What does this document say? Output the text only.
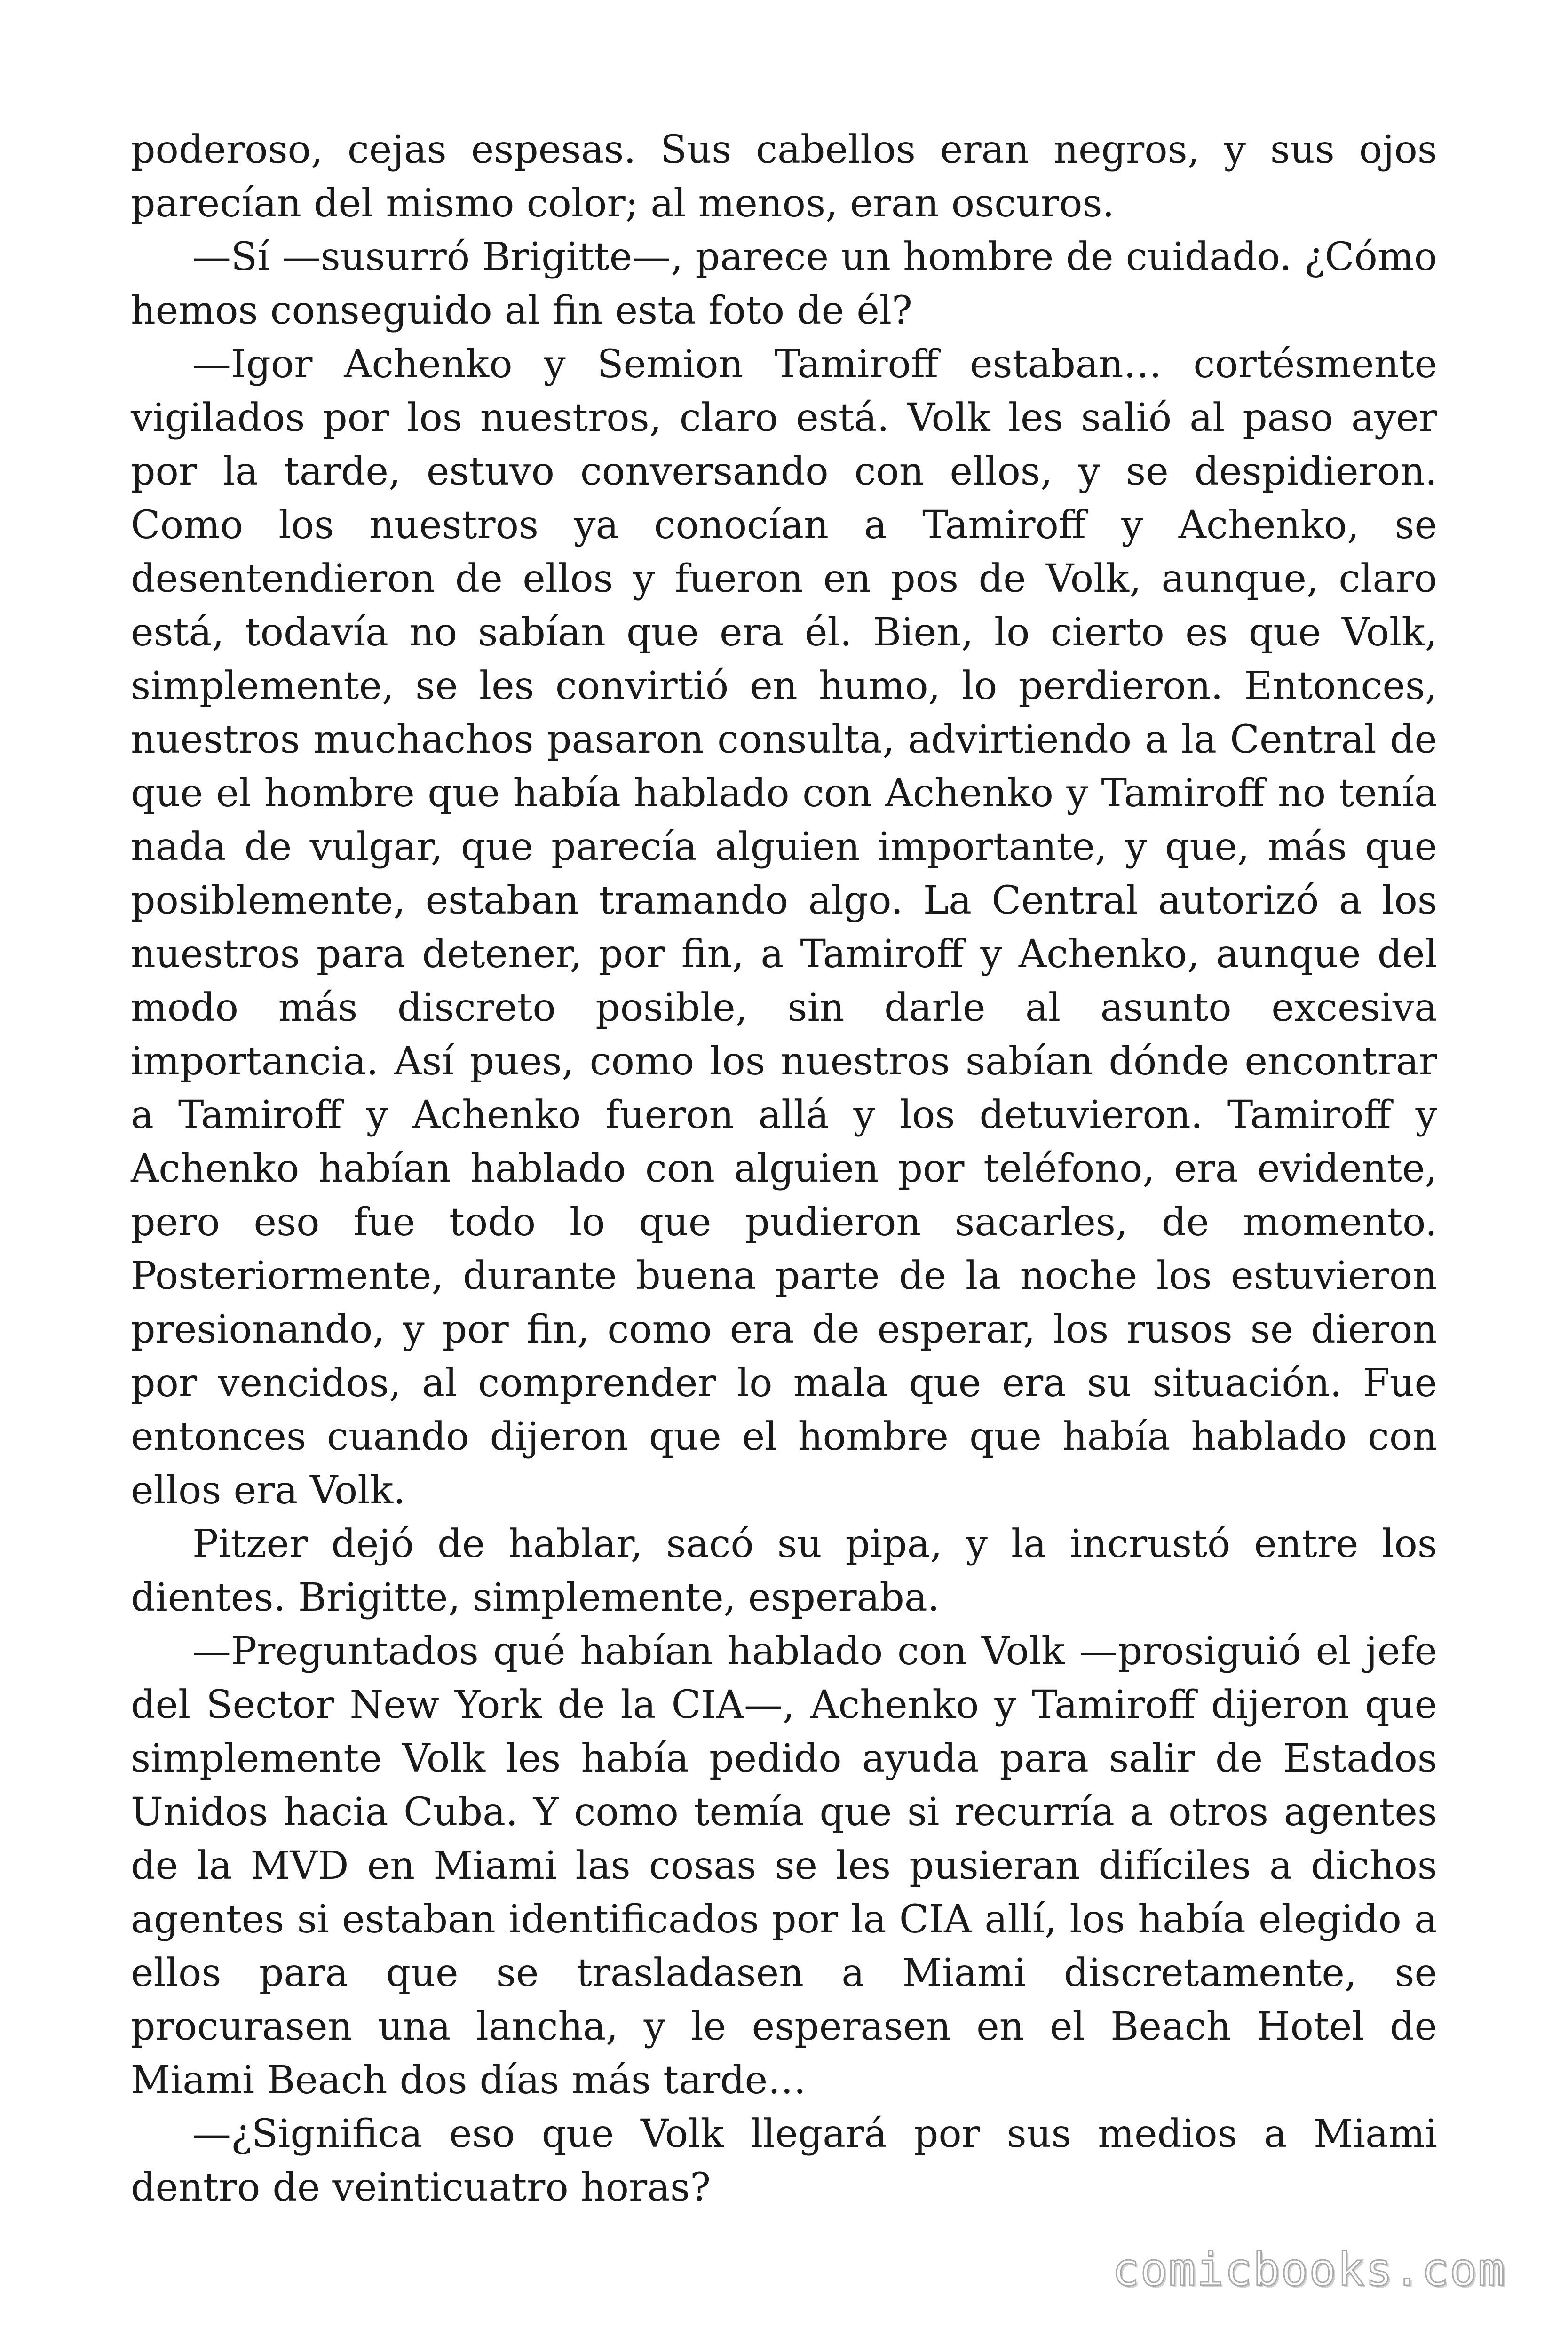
poderoso, cejas espesas. Sus cabellos eran negros, y sus ojos parecían del mismo color; al menos, eran oscuros.

—Sí —susurró Brigitte—, parece un hombre de cuidado. ¿Cómo hemos conseguido al fin esta foto de él?

—Igor Achenko y Semion Tamiroff estaban… cortésmente vigilados por los nuestros, claro está. Volk les salió al paso ayer por la tarde, estuvo conversando con ellos, y se despidieron. Como los nuestros ya conocían a Tamiroff y Achenko, se desentendieron de ellos y fueron en pos de Volk, aunque, claro está, todavía no sabían que era él. Bien, lo cierto es que Volk, simplemente, se les convirtió en humo, lo perdieron. Entonces, nuestros muchachos pasaron consulta, advirtiendo a la Central de que el hombre que había hablado con Achenko y Tamiroff no tenía nada de vulgar, que parecía alguien importante, y que, más que posiblemente, estaban tramando algo. La Central autorizó a los nuestros para detener, por fin, a Tamiroff y Achenko, aunque del modo más discreto posible, sin darle al asunto excesiva importancia. Así pues, como los nuestros sabían dónde encontrar a Tamiroff y Achenko fueron allá y los detuvieron. Tamiroff y Achenko habían hablado con alguien por teléfono, era evidente, pero eso fue todo lo que pudieron sacarles, de momento. Posteriormente, durante buena parte de la noche los estuvieron presionando, y por fin, como era de esperar, los rusos se dieron por vencidos, al comprender lo mala que era su situación. Fue entonces cuando dijeron que el hombre que había hablado con ellos era Volk.

Pitzer dejó de hablar, sacó su pipa, y la incrustó entre los dientes. Brigitte, simplemente, esperaba.

—Preguntados qué habían hablado con Volk —prosiguió el jefe del Sector New York de la CIA—, Achenko y Tamiroff dijeron que simplemente Volk les había pedido ayuda para salir de Estados Unidos hacia Cuba. Y como temía que si recurría a otros agentes de la MVD en Miami las cosas se les pusieran difíciles a dichos agentes si estaban identificados por la CIA allí, los había elegido a ellos para que se trasladasen a Miami discretamente, se procurasen una lancha, y le esperasen en el Beach Hotel de Miami Beach dos días más tarde…

—¿Significa eso que Volk llegará por sus medios a Miami dentro de veinticuatro horas?

comicbooks.com
